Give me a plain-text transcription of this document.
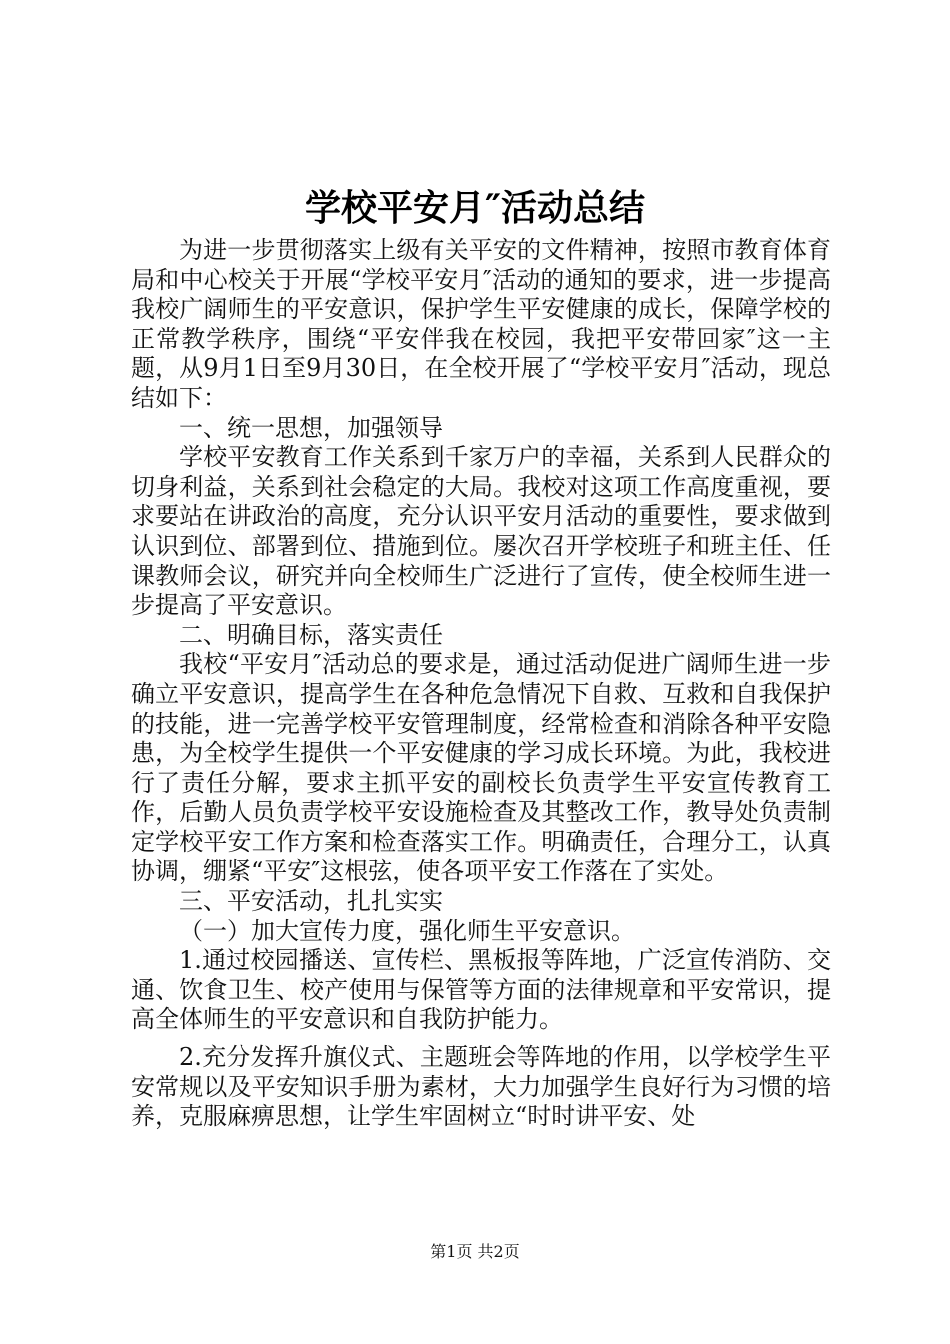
学校平安月″活动总结

为进一步贯彻落实上级有关平安的文件精神，按照市教育体育局和中心校关于开展“学校平安月″活动的通知的要求，进一步提高我校广阔师生的平安意识，保护学生平安健康的成长，保障学校的正常教学秩序，围绕“平安伴我在校园，我把平安带回家″这一主题，从9月1日至9月30日，在全校开展了“学校平安月″活动，现总结如下：

一、统一思想，加强领导

学校平安教育工作关系到千家万户的幸福，关系到人民群众的切身利益，关系到社会稳定的大局。我校对这项工作高度重视，要求要站在讲政治的高度，充分认识平安月活动的重要性，要求做到认识到位、部署到位、措施到位。屡次召开学校班子和班主任、任课教师会议，研究并向全校师生广泛进行了宣传，使全校师生进一步提高了平安意识。

二、明确目标，落实责任

我校“平安月″活动总的要求是，通过活动促进广阔师生进一步确立平安意识，提高学生在各种危急情况下自救、互救和自我保护的技能，进一完善学校平安管理制度，经常检查和消除各种平安隐患，为全校学生提供一个平安健康的学习成长环境。为此，我校进行了责任分解，要求主抓平安的副校长负责学生平安宣传教育工作，后勤人员负责学校平安设施检查及其整改工作，教导处负责制定学校平安工作方案和检查落实工作。明确责任，合理分工，认真协调，绷紧“平安″这根弦，使各项平安工作落在了实处。

三、平安活动，扎扎实实

（一）加大宣传力度，强化师生平安意识。

1.通过校园播送、宣传栏、黑板报等阵地，广泛宣传消防、交通、饮食卫生、校产使用与保管等方面的法律规章和平安常识，提高全体师生的平安意识和自我防护能力。

2.充分发挥升旗仪式、主题班会等阵地的作用，以学校学生平安常规以及平安知识手册为素材，大力加强学生良好行为习惯的培养，克服麻痹思想，让学生牢固树立“时时讲平安、处

第1页 共2页
